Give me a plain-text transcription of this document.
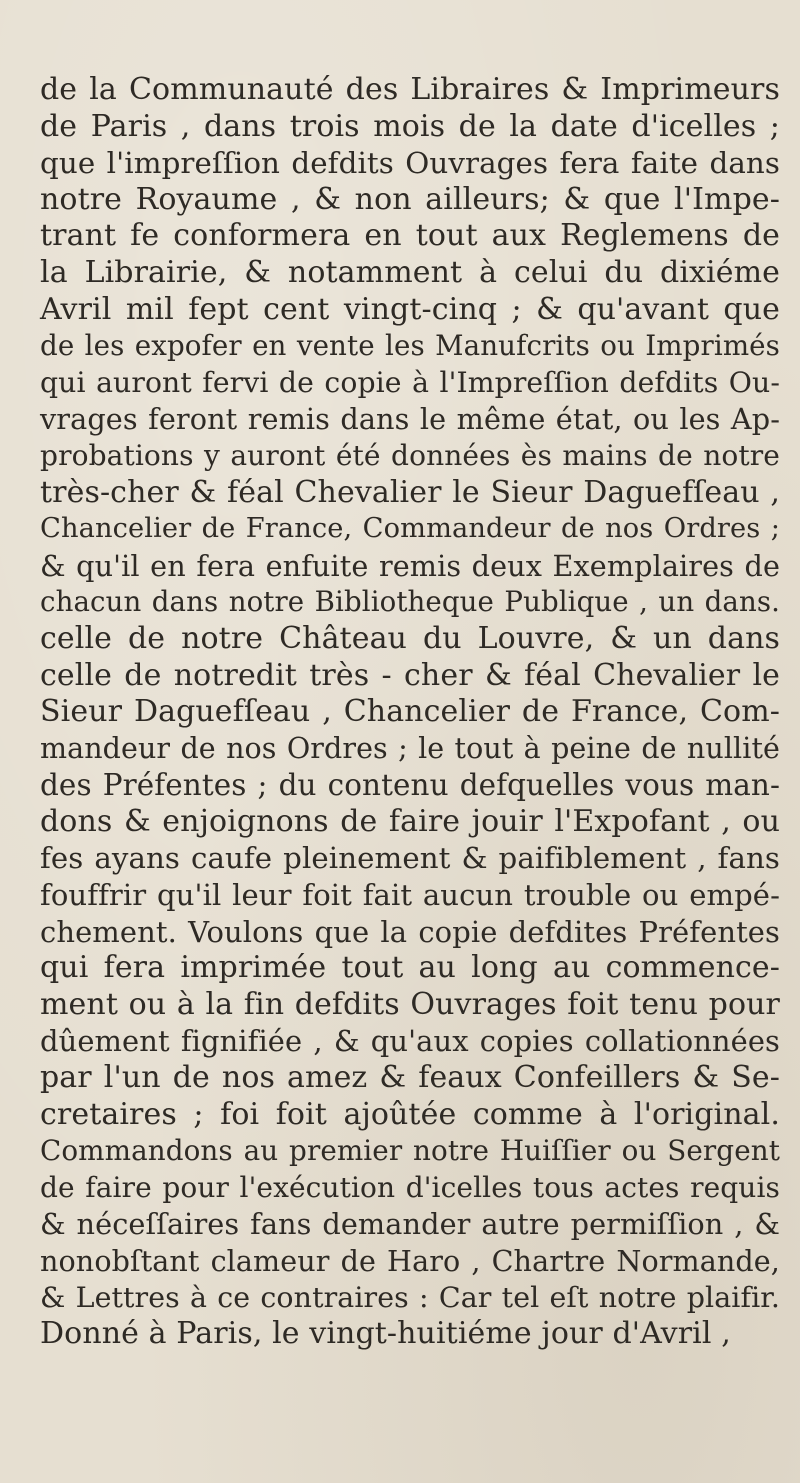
de la Communauté des Libraires & Imprimeurs
de Paris , dans trois mois de la date d'icelles ;
que l'impreſſion defdits Ouvrages fera faite dans
notre Royaume , & non ailleurs; & que l'Impe-
trant fe conformera en tout aux Reglemens de
la Librairie, & notamment à celui du dixiéme
Avril mil fept cent vingt-cinq ; & qu'avant que
de les expofer en vente les Manufcrits ou Imprimés
qui auront fervi de copie à l'Impreſſion defdits Ou-
vrages feront remis dans le même état, ou les Ap-
probations y auront été données ès mains de notre
très-cher & féal Chevalier le Sieur Daguefſeau ,
Chancelier de France, Commandeur de nos Ordres ;
& qu'il en fera enfuite remis deux Exemplaires de
chacun dans notre Bibliotheque Publique , un dans.
celle de notre Château du Louvre, & un dans
celle de notredit très - cher & féal Chevalier le
Sieur Daguefſeau , Chancelier de France, Com-
mandeur de nos Ordres ; le tout à peine de nullité
des Préfentes ; du contenu defquelles vous man-
dons & enjoignons de faire jouir l'Expofant , ou
fes ayans caufe pleinement & paifiblement , fans
fouffrir qu'il leur foit fait aucun trouble ou empé-
chement. Voulons que la copie defdites Préfentes
qui fera imprimée tout au long au commence-
ment ou à la fin defdits Ouvrages foit tenu pour
dûement fignifiée , & qu'aux copies collationnées
par l'un de nos amez & feaux Confeillers & Se-
cretaires ; foi foit ajoûtée comme à l'original.
Commandons au premier notre Huiſſier ou Sergent
de faire pour l'exécution d'icelles tous actes requis
& néceſſaires fans demander autre permiſſion , &
nonobſtant clameur de Haro , Chartre Normande,
& Lettres à ce contraires : Car tel eſt notre plaifir.
Donné à Paris, le vingt-huitiéme jour d'Avril ,
